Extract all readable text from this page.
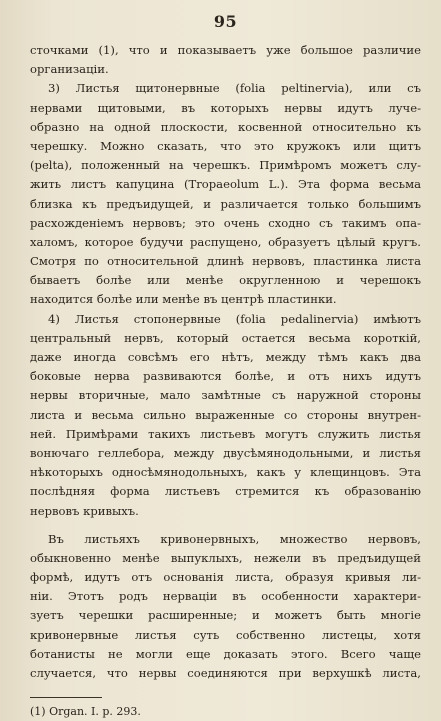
95
сточками (1), что и показываетъ уже большое различие
организацiи.
3) Листья щитонервные (folia peltinervia), или съ
нервами щитовыми, въ которыхъ нервы идутъ луче-
образно на одной плоскости, косвенной относительно къ
черешку. Можно сказать, что это кружокъ или щитъ
(pelta), положенный на черешкъ. Примѣромъ можетъ слу-
жить листъ капуцина (Tropaeolum L.). Эта форма весьма
близка къ предъидущей, и различается только большимъ
расхожденiемъ нервовъ; это очень сходно съ такимъ опа-
халомъ, которое будучи распущено, образуетъ цѣлый кругъ.
Смотря по относительной длинѣ нервовъ, пластинка листа
бываетъ болѣе или менѣе округленною и черешокъ
находится болѣе или менѣе въ центрѣ пластинки.
4) Листья стопонервные (folia pedalinervia) имѣютъ
центральный нервъ, который остается весьма короткiй,
даже иногда совсѣмъ его нѣтъ, между тѣмъ какъ два
боковые нерва развиваются болѣе, и отъ нихъ идутъ
нервы вторичные, мало замѣтные съ наружной стороны
листа и весьма сильно выраженные со стороны внутрен-
ней. Примѣрами такихъ листьевъ могутъ служить листья
вонючаго геллебора, между двусѣмянодольными, и листья
нѣкоторыхъ односѣмянодольныхъ, какъ у клещинцовъ. Эта
послѣдняя форма листьевъ стремится къ образованiю
нервовъ кривыхъ.
Въ листьяхъ кривонервныхъ, множество нервовъ,
обыкновенно менѣе выпуклыхъ, нежели въ предъидущей
формѣ, идутъ отъ основанiя листа, образуя кривыя ли-
нiи. Этотъ родъ нерваціи въ особенности характери-
зуетъ черешки расширенные; и можетъ быть многiе
кривонервные листья суть собственно листецы, хотя
ботанисты не могли еще доказать этого. Всего чаще
случается, что нервы соединяются при верхушкѣ листа,
(1) Organ. I. p. 293.
